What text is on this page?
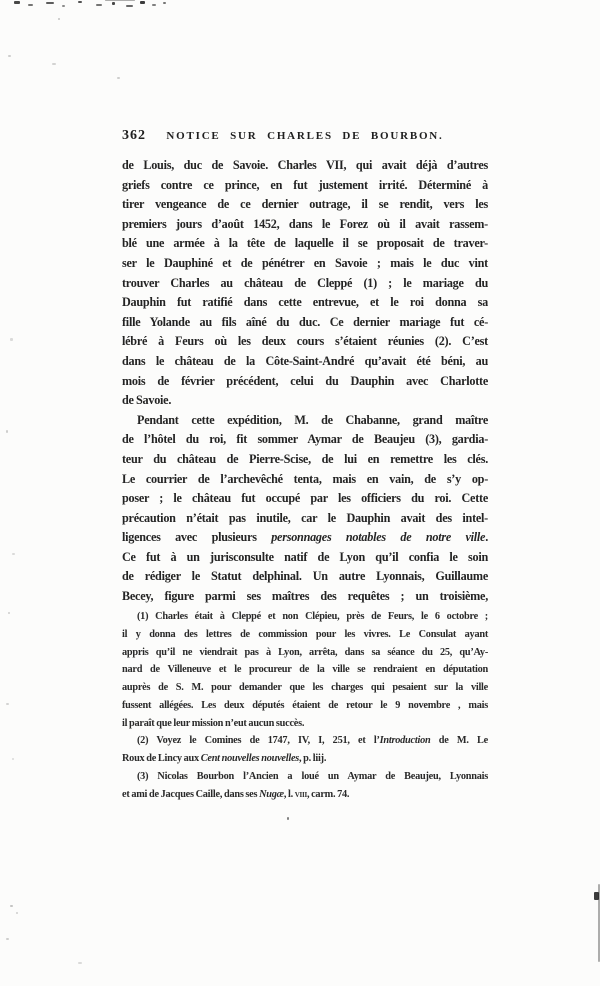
362	NOTICE SUR CHARLES DE BOURBON.
de Louis, duc de Savoie. Charles VII, qui avait déjà d’autres
griefs contre ce prince, en fut justement irrité. Déterminé à
tirer vengeance de ce dernier outrage, il se rendit, vers les
premiers jours d’août 1452, dans le Forez où il avait rassem-
blé une armée à la tête de laquelle il se proposait de traver-
ser le Dauphiné et de pénétrer en Savoie ; mais le duc vint
trouver Charles au château de Cleppé (1) ; le mariage du
Dauphin fut ratifié dans cette entrevue, et le roi donna sa
fille Yolande au fils aîné du duc. Ce dernier mariage fut cé-
lébré à Feurs où les deux cours s’étaient réunies (2). C’est
dans le château de la Côte-Saint-André qu’avait été béni, au
mois de février précédent, celui du Dauphin avec Charlotte
de Savoie.
Pendant cette expédition, M. de Chabanne, grand maître
de l’hôtel du roi, fit sommer Aymar de Beaujeu (3), gardia-
teur du château de Pierre-Scise, de lui en remettre les clés.
Le courrier de l’archevêché tenta, mais en vain, de s’y op-
poser ; le château fut occupé par les officiers du roi. Cette
précaution n’était pas inutile, car le Dauphin avait des intel-
ligences avec plusieurs personnages notables de notre ville.
Ce fut à un jurisconsulte natif de Lyon qu’il confia le soin
de rédiger le Statut delphinal. Un autre Lyonnais, Guillaume
Becey, figure parmi ses maîtres des requêtes ; un troisième,
(1) Charles était à Cleppé et non Clépieu, près de Feurs, le 6 octobre ;
il y donna des lettres de commission pour les vivres. Le Consulat ayant
appris qu’il ne viendrait pas à Lyon, arrêta, dans sa séance du 25, qu’Ay-
nard de Villeneuve et le procureur de la ville se rendraient en députation
auprès de S. M. pour demander que les charges qui pesaient sur la ville
fussent allégées. Les deux députés étaient de retour le 9 novembre , mais
il paraît que leur mission n’eut aucun succès.
(2) Voyez le Comines de 1747, IV, I, 251, et l’Introduction de M. Le
Roux de Lincy aux Cent nouvelles nouvelles, p. liij.
(3) Nicolas Bourbon l’Ancien a loué un Aymar de Beaujeu, Lyonnais
et ami de Jacques Caille, dans ses Nugæ, l. viii, carm. 74.
